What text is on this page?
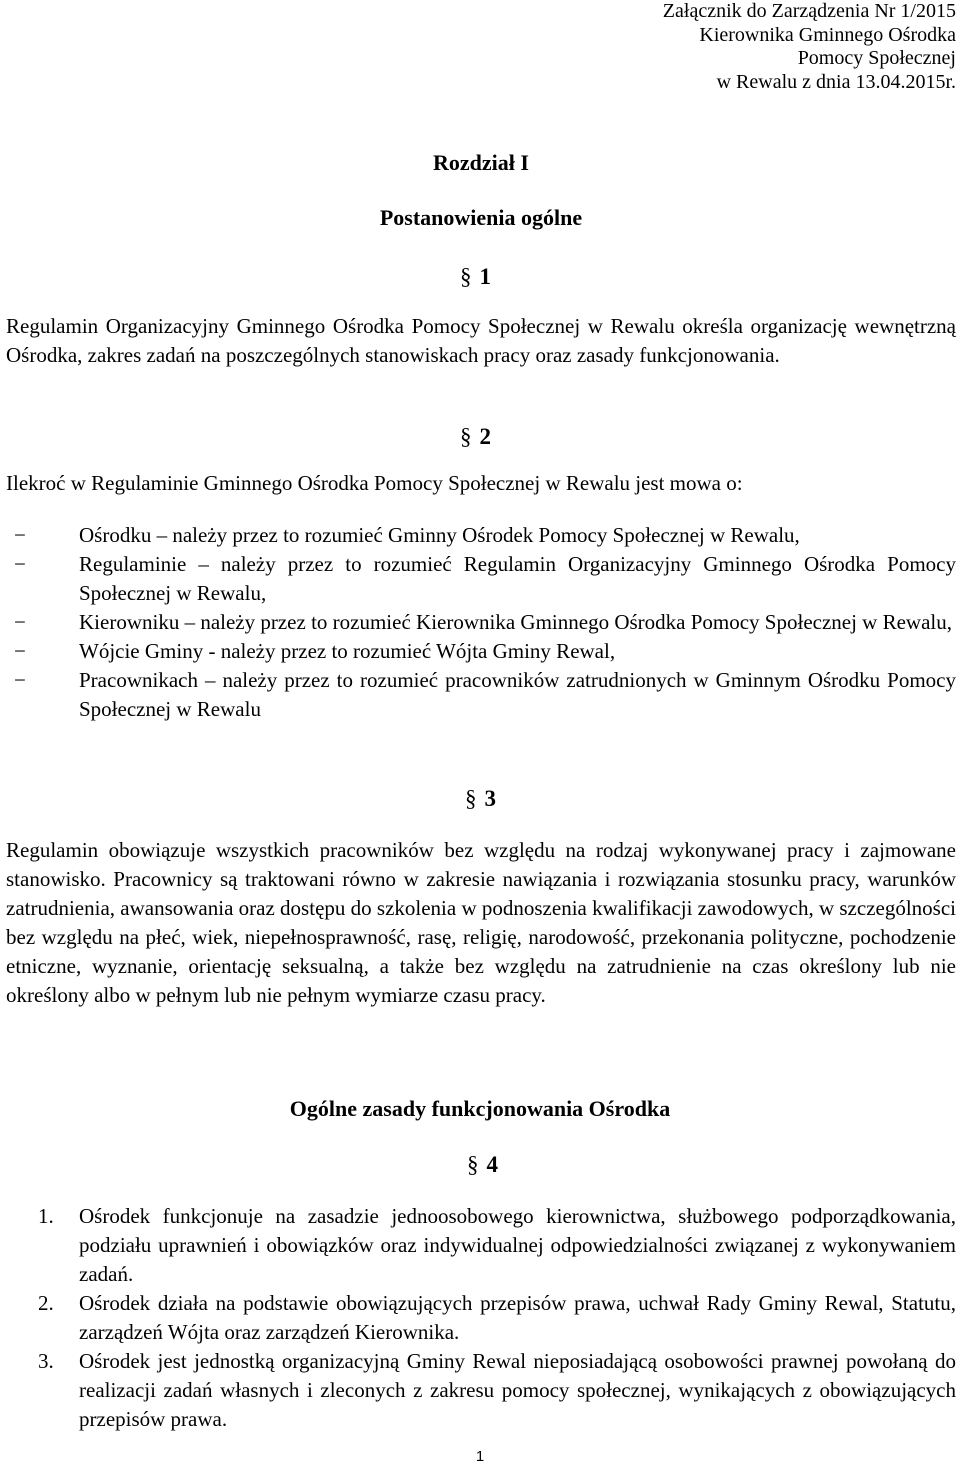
Załącznik do Zarządzenia Nr 1/2015
Kierownika Gminnego Ośrodka
Pomocy Społecznej
w Rewalu z dnia 13.04.2015r.
Rozdział I
Postanowienia ogólne
§ 1

Regulamin Organizacyjny Gminnego Ośrodka Pomocy Społecznej w Rewalu określa organizację wewnętrzną Ośrodka, zakres zadań na poszczególnych stanowiskach pracy oraz zasady funkcjonowania.

§ 2

Ilekroć w Regulaminie Gminnego Ośrodka Pomocy Społecznej w Rewalu jest mowa o:

−	Ośrodku – należy przez to rozumieć Gminny Ośrodek Pomocy Społecznej w Rewalu,
−	Regulaminie – należy przez to rozumieć Regulamin Organizacyjny Gminnego Ośrodka Pomocy Społecznej w Rewalu,
−	Kierowniku – należy przez to rozumieć Kierownika Gminnego Ośrodka Pomocy Społecznej w Rewalu,
−	Wójcie Gminy - należy przez to rozumieć Wójta Gminy Rewal,
−	Pracownikach – należy przez to rozumieć pracowników zatrudnionych w Gminnym Ośrodku Pomocy Społecznej w Rewalu
§ 3

Regulamin obowiązuje wszystkich pracowników bez względu na rodzaj wykonywanej pracy i zajmowane stanowisko. Pracownicy są traktowani równo w zakresie nawiązania i rozwiązania stosunku pracy, warunków zatrudnienia, awansowania oraz dostępu do szkolenia w podnoszenia kwalifikacji zawodowych, w szczególności bez względu na płeć, wiek, niepełnosprawność, rasę, religię, narodowość, przekonania polityczne, pochodzenie etniczne, wyznanie, orientację seksualną, a także bez względu na zatrudnienie na czas określony lub nie określony albo w pełnym lub nie pełnym wymiarze czasu pracy.

Ogólne zasady funkcjonowania Ośrodka
§ 4
1. Ośrodek funkcjonuje na zasadzie jednoosobowego kierownictwa, służbowego podporządkowania, podziału uprawnień i obowiązków oraz indywidualnej odpowiedzialności związanej z wykonywaniem zadań.
2. Ośrodek działa na podstawie obowiązujących przepisów prawa, uchwał Rady Gminy Rewal, Statutu, zarządzeń Wójta oraz zarządzeń Kierownika.
3. Ośrodek jest jednostką organizacyjną Gminy Rewal nieposiadającą osobowości prawnej powołaną do realizacji zadań własnych i zleconych z zakresu pomocy społecznej, wynikających z obowiązujących przepisów prawa.
1
